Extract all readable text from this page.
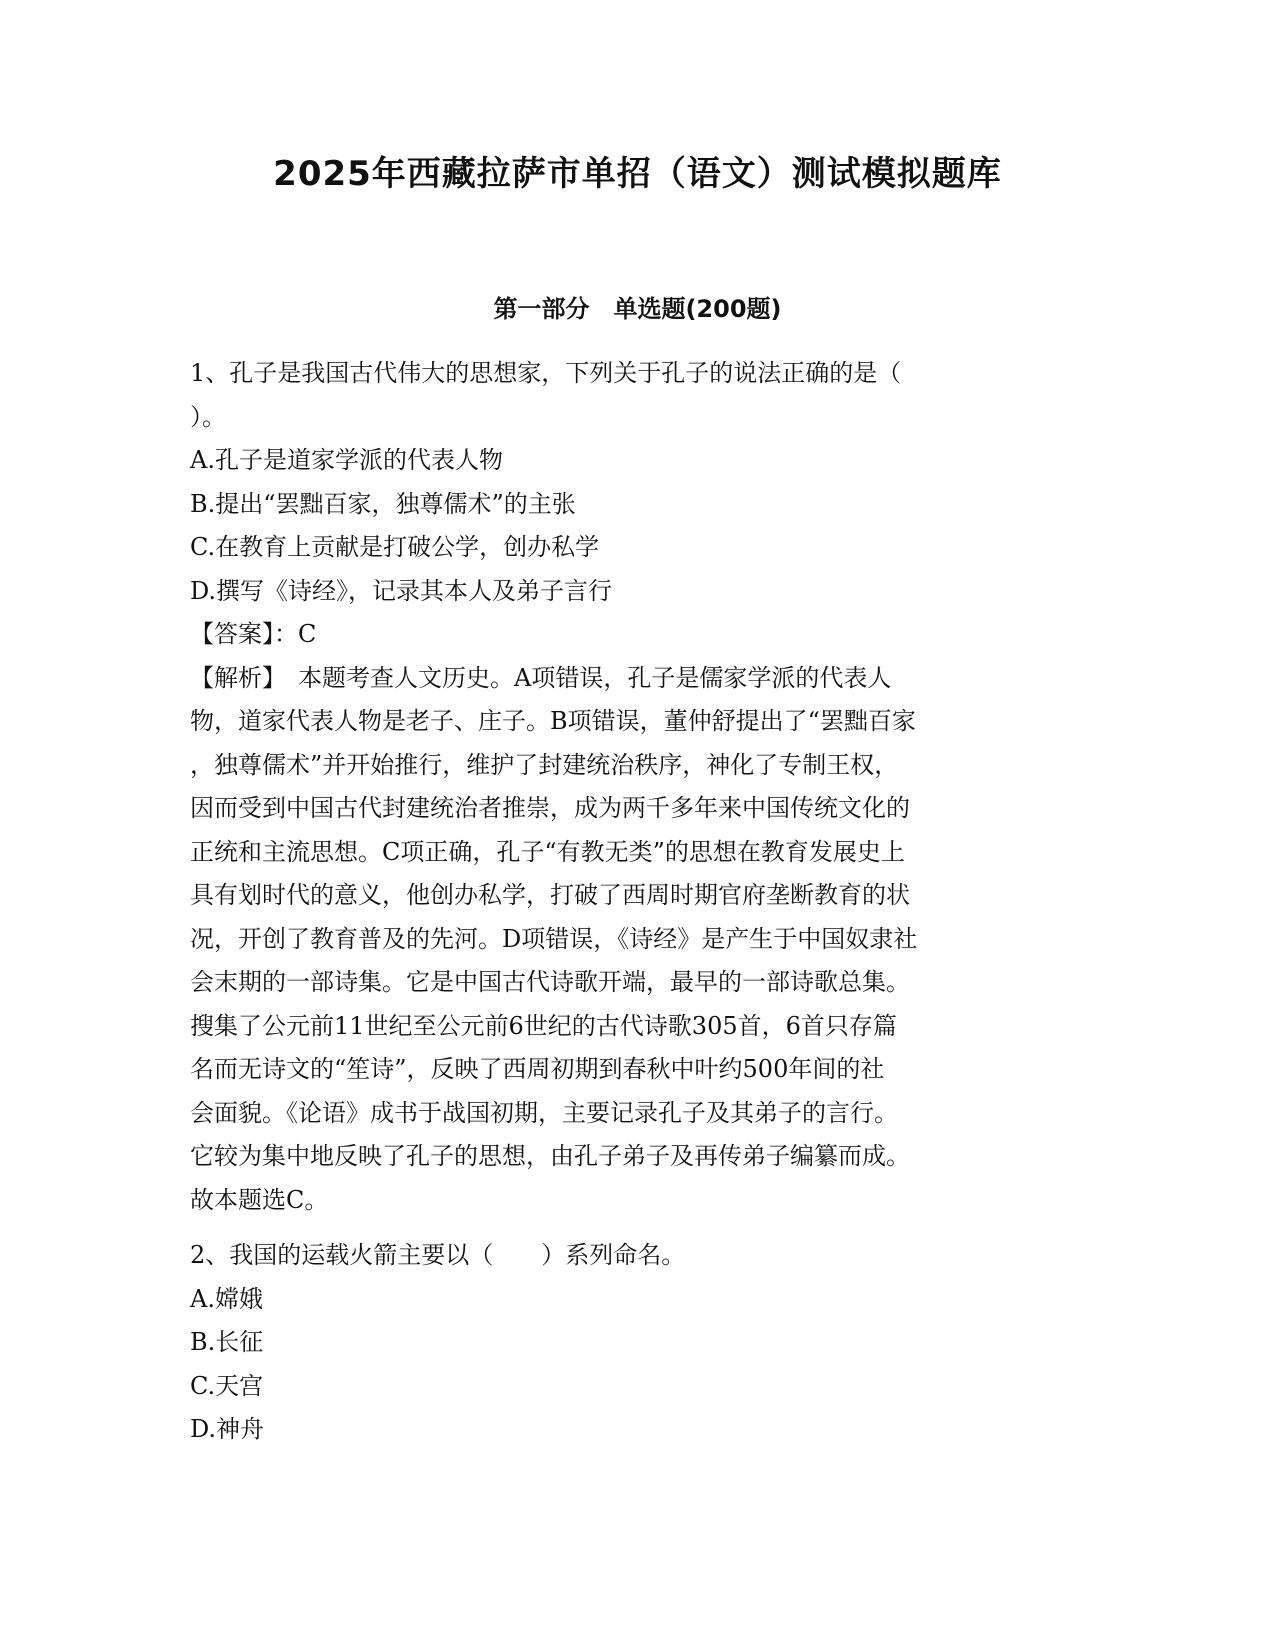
2025年西藏拉萨市单招（语文）测试模拟题库
第一部分　单选题(200题)
1、孔子是我国古代伟大的思想家，下列关于孔子的说法正确的是（
）。
A.孔子是道家学派的代表人物
B.提出“罢黜百家，独尊儒术”的主张
C.在教育上贡献是打破公学，创办私学
D.撰写《诗经》，记录其本人及弟子言行
【答案】：C
【解析】　本题考查人文历史。A项错误，孔子是儒家学派的代表人
物，道家代表人物是老子、庄子。B项错误，董仲舒提出了“罢黜百家
，独尊儒术”并开始推行，维护了封建统治秩序，神化了专制王权，
因而受到中国古代封建统治者推崇，成为两千多年来中国传统文化的
正统和主流思想。C项正确，孔子“有教无类”的思想在教育发展史上
具有划时代的意义，他创办私学，打破了西周时期官府垄断教育的状
况，开创了教育普及的先河。D项错误，《诗经》是产生于中国奴隶社
会末期的一部诗集。它是中国古代诗歌开端，最早的一部诗歌总集。
搜集了公元前11世纪至公元前6世纪的古代诗歌305首，6首只存篇
名而无诗文的“笙诗”，反映了西周初期到春秋中叶约500年间的社
会面貌。《论语》成书于战国初期，主要记录孔子及其弟子的言行。
它较为集中地反映了孔子的思想，由孔子弟子及再传弟子编纂而成。
故本题选C。
2、我国的运载火箭主要以（　　）系列命名。
A.嫦娥
B.长征
C.天宫
D.神舟
